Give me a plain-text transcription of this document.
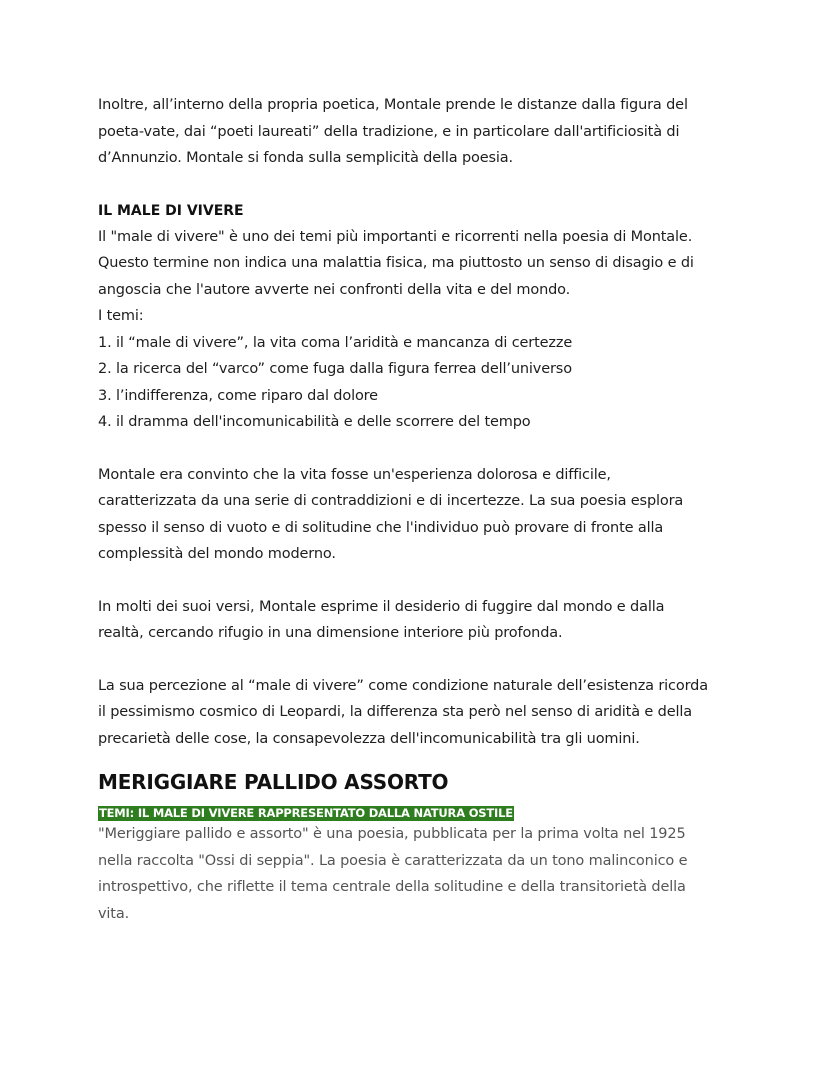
Inoltre, all’interno della propria poetica, Montale prende le distanze dalla figura del
poeta-vate, dai “poeti laureati” della tradizione, e in particolare dall'artificiosità di
d’Annunzio. Montale si fonda sulla semplicità della poesia.
IL MALE DI VIVERE
Il "male di vivere" è uno dei temi più importanti e ricorrenti nella poesia di Montale.
Questo termine non indica una malattia fisica, ma piuttosto un senso di disagio e di
angoscia che l'autore avverte nei confronti della vita e del mondo.
I temi:
1. il “male di vivere”, la vita coma l’aridità e mancanza di certezze
2. la ricerca del “varco” come fuga dalla figura ferrea dell’universo
3. l’indifferenza, come riparo dal dolore
4. il dramma dell'incomunicabilità e delle scorrere del tempo
Montale era convinto che la vita fosse un'esperienza dolorosa e difficile,
caratterizzata da una serie di contraddizioni e di incertezze. La sua poesia esplora
spesso il senso di vuoto e di solitudine che l'individuo può provare di fronte alla
complessità del mondo moderno.
In molti dei suoi versi, Montale esprime il desiderio di fuggire dal mondo e dalla
realtà, cercando rifugio in una dimensione interiore più profonda.
La sua percezione al “male di vivere” come condizione naturale dell’esistenza ricorda
il pessimismo cosmico di Leopardi, la differenza sta però nel senso di aridità e della
precarietà delle cose, la consapevolezza dell'incomunicabilità tra gli uomini.
MERIGGIARE PALLIDO ASSORTO
TEMI: IL MALE DI VIVERE RAPPRESENTATO DALLA NATURA OSTILE
"Meriggiare pallido e assorto" è una poesia, pubblicata per la prima volta nel 1925
nella raccolta "Ossi di seppia". La poesia è caratterizzata da un tono malinconico e
introspettivo, che riflette il tema centrale della solitudine e della transitorietà della
vita.
